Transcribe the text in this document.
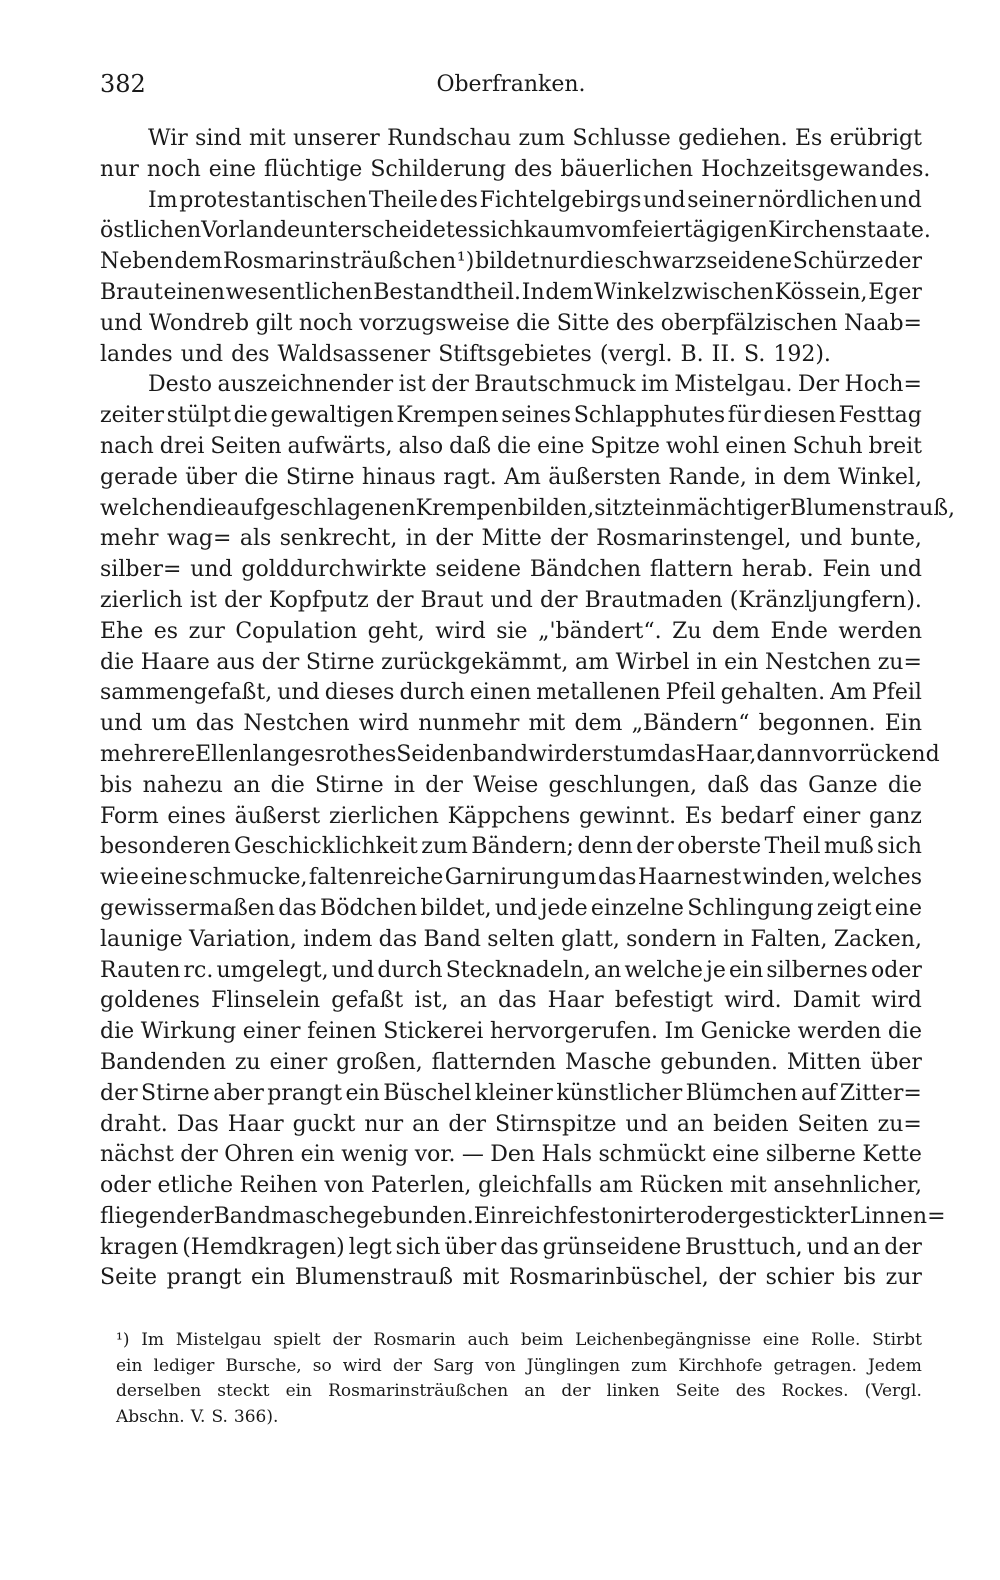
382	Oberfranken.
Wir sind mit unserer Rundschau zum Schlusse gediehen. Es erübrigt
nur noch eine flüchtige Schilderung des bäuerlichen Hochzeitsgewandes.
Im protestantischen Theile des Fichtelgebirgs und seiner nördlichen und
östlichen Vorlande unterscheidet es sich kaum vom feiertägigen Kirchenstaate.
Neben dem Rosmarinsträußchen ¹) bildet nur die schwarzseidene Schürze der
Braut einen wesentlichen Bestandtheil. In dem Winkel zwischen Kössein, Eger
und Wondreb gilt noch vorzugsweise die Sitte des oberpfälzischen Naab=
landes und des Waldsassener Stiftsgebietes (vergl. B. II. S. 192).
Desto auszeichnender ist der Brautschmuck im Mistelgau. Der Hoch=
zeiter stülpt die gewaltigen Krempen seines Schlapphutes für diesen Festtag
nach drei Seiten aufwärts, also daß die eine Spitze wohl einen Schuh breit
gerade über die Stirne hinaus ragt. Am äußersten Rande, in dem Winkel,
welchen die aufgeschlagenen Krempen bilden, sitzt ein mächtiger Blumenstrauß,
mehr wag= als senkrecht, in der Mitte der Rosmarinstengel, und bunte,
silber= und golddurchwirkte seidene Bändchen flattern herab. Fein und
zierlich ist der Kopfputz der Braut und der Brautmaden (Kränzljungfern).
Ehe es zur Copulation geht, wird sie „'bändert“. Zu dem Ende werden
die Haare aus der Stirne zurückgekämmt, am Wirbel in ein Nestchen zu=
sammengefaßt, und dieses durch einen metallenen Pfeil gehalten. Am Pfeil
und um das Nestchen wird nunmehr mit dem „Bändern“ begonnen. Ein
mehrere Ellen langes rothes Seidenband wird erst um das Haar, dann vorrückend
bis nahezu an die Stirne in der Weise geschlungen, daß das Ganze die
Form eines äußerst zierlichen Käppchens gewinnt. Es bedarf einer ganz
besonderen Geschicklichkeit zum Bändern; denn der oberste Theil muß sich
wie eine schmucke, faltenreiche Garnirung um das Haarnest winden, welches
gewissermaßen das Bödchen bildet, und jede einzelne Schlingung zeigt eine
launige Variation, indem das Band selten glatt, sondern in Falten, Zacken,
Rauten rc. umgelegt, und durch Stecknadeln, an welche je ein silbernes oder
goldenes Flinselein gefaßt ist, an das Haar befestigt wird. Damit wird
die Wirkung einer feinen Stickerei hervorgerufen. Im Genicke werden die
Bandenden zu einer großen, flatternden Masche gebunden. Mitten über
der Stirne aber prangt ein Büschel kleiner künstlicher Blümchen auf Zitter=
draht. Das Haar guckt nur an der Stirnspitze und an beiden Seiten zu=
nächst der Ohren ein wenig vor. — Den Hals schmückt eine silberne Kette
oder etliche Reihen von Paterlen, gleichfalls am Rücken mit ansehnlicher,
fliegender Bandmasche gebunden. Ein reich festonirter oder gestickter Linnen=
kragen (Hemdkragen) legt sich über das grünseidene Brusttuch, und an der
Seite prangt ein Blumenstrauß mit Rosmarinbüschel, der schier bis zur
¹) Im Mistelgau spielt der Rosmarin auch beim Leichenbegängnisse eine Rolle. Stirbt
ein lediger Bursche, so wird der Sarg von Jünglingen zum Kirchhofe getragen. Jedem
derselben steckt ein Rosmarinsträußchen an der linken Seite des Rockes. (Vergl.
Abschn. V. S. 366).
